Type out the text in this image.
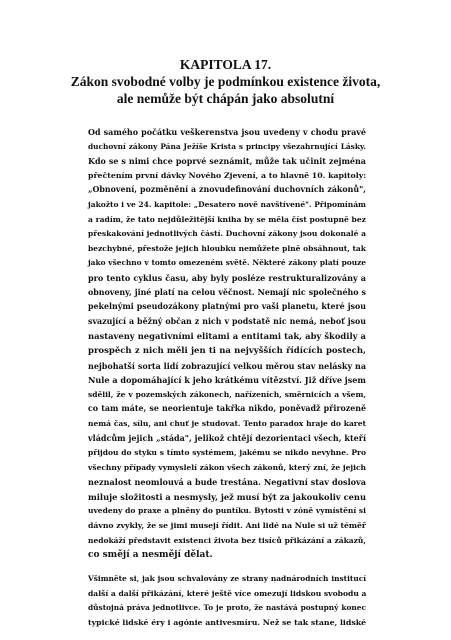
KAPITOLA 17.
Zákon svobodné volby je podmínkou existence života,
ale nemůže být chápán jako absolutní
Od samého počátku veškerenstva jsou uvedeny v chodu pravé
duchovní zákony Pána Ježíše Krista s principy všezahrnující Lásky.
Kdo se s nimi chce poprvé seznámit, může tak učinit zejména
přečtením první dávky Nového Zjevení, a to hlavně 10. kapitoly:
„Obnovení, pozměnění a znovudefinování duchovních zákonů",
jakožto i ve 24. kapitole: „Desatero nově navštívené". Připomínám
a radím, že tato nejdůležitější kniha by se měla číst postupně bez
přeskakování jednotlivých částí. Duchovní zákony jsou dokonalé a
bezchybné, přestože jejich hloubku nemůžete plně obsáhnout, tak
jako všechno v tomto omezeném světě. Některé zákony platí pouze
pro tento cyklus času, aby byly posléze restrukturalizovány a
obnoveny, jiné platí na celou věčnost. Nemají nic společného s
pekelnými pseudozákony platnými pro vaši planetu, které jsou
svazující a běžný občan z nich v podstatě nic nemá, neboť jsou
nastaveny negativními elitami a entitami tak, aby škodily a
prospěch z nich měli jen ti na nejvyšších řídících postech,
nejbohatší sorta lidí zobrazující velkou měrou stav nelásky na
Nule a dopomáhající k jeho krátkému vítězství. Již dříve jsem
sdělil, že v pozemských zákonech, nařízeních, směrnicích a všem,
co tam máte, se neorientuje takřka nikdo, poněvadž přirozeně
nemá čas, sílu, ani chuť je studovat. Tento paradox hraje do karet
vládcům jejich „stáda", jelikož chtějí dezorientaci všech, kteří
přijdou do styku s tímto systémem, jakému se nikdo nevyhne. Pro
všechny případy vymyslelí zákon všech zákonů, který zní, že jejich
neznalost neomlouvá a bude trestána. Negativní stav doslova
miluje složitosti a nesmysly, jež musí být za jakoukoliv cenu
uvedeny do praxe a plněny do puntíku. Bytosti v zóně vymístění si
dávno zvykly, že se jimi musejí řídit. Ani lidé na Nule si už téměř
nedokáží představit existenci života bez tisíců přikázání a zákazů,
co smějí a nesmějí dělat.
Všimněte si, jak jsou schvalovány ze strany nadnárodních institucí
další a další přikázání, které ještě více omezují lidskou svobodu a
důstojná práva jednotlivce. To je proto, že nastává postupný konec
typické lidské éry i agónie antivesmíru. Než se tak stane, lidské
